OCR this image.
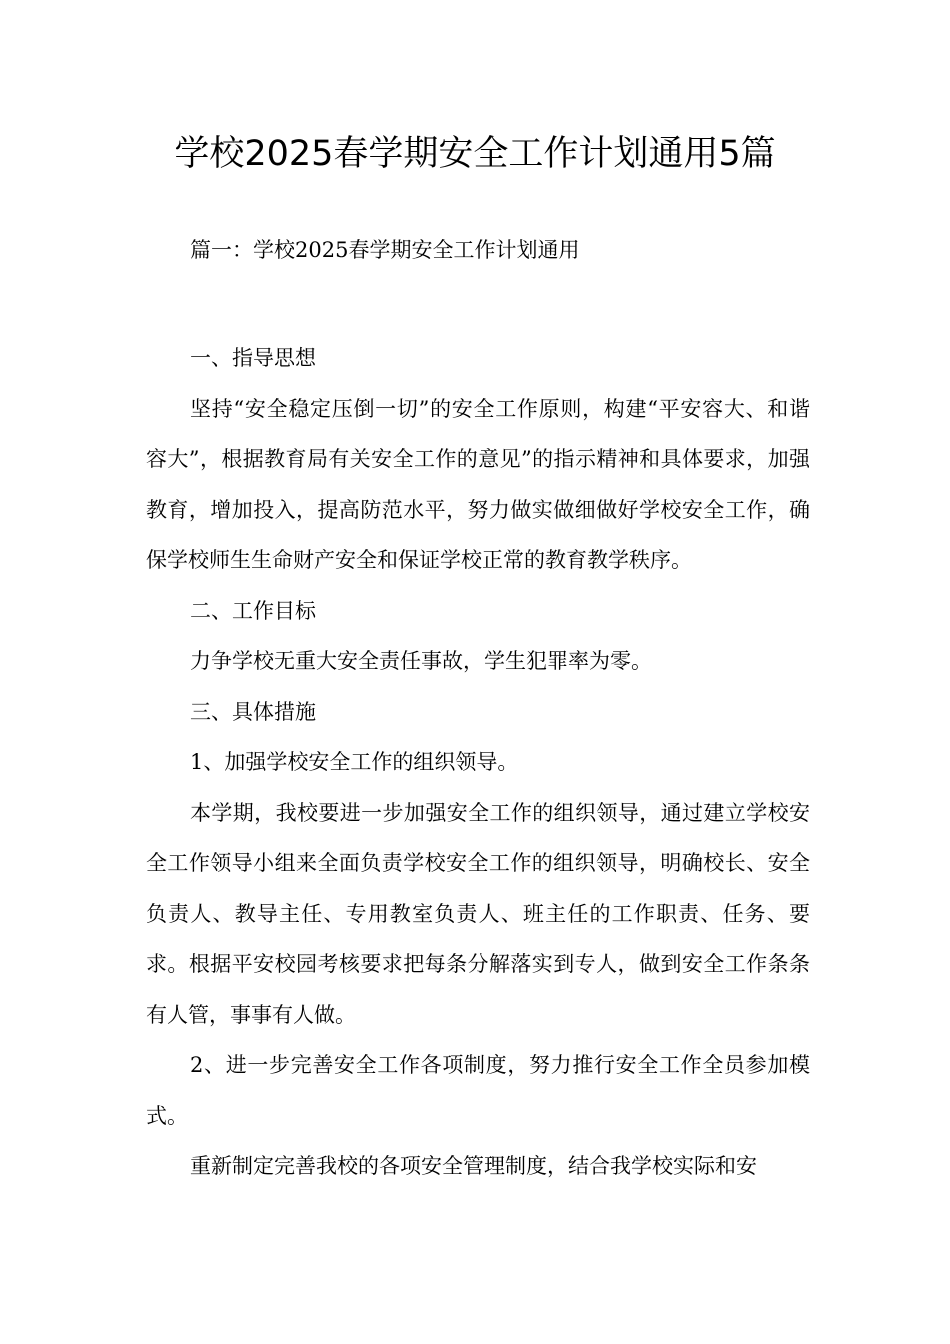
学校2025春学期安全工作计划通用5篇
篇一：学校2025春学期安全工作计划通用

一、指导思想

坚持“安全稳定压倒一切”的安全工作原则，构建“平安容大、和谐容大”，根据教育局有关安全工作的意见”的指示精神和具体要求，加强教育，增加投入，提高防范水平，努力做实做细做好学校安全工作，确保学校师生生命财产安全和保证学校正常的教育教学秩序。

二、工作目标

力争学校无重大安全责任事故，学生犯罪率为零。

三、具体措施

1、加强学校安全工作的组织领导。

本学期，我校要进一步加强安全工作的组织领导，通过建立学校安全工作领导小组来全面负责学校安全工作的组织领导，明确校长、安全负责人、教导主任、专用教室负责人、班主任的工作职责、任务、要求。根据平安校园考核要求把每条分解落实到专人，做到安全工作条条有人管，事事有人做。

2、进一步完善安全工作各项制度，努力推行安全工作全员参加模式。

重新制定完善我校的各项安全管理制度，结合我学校实际和安
